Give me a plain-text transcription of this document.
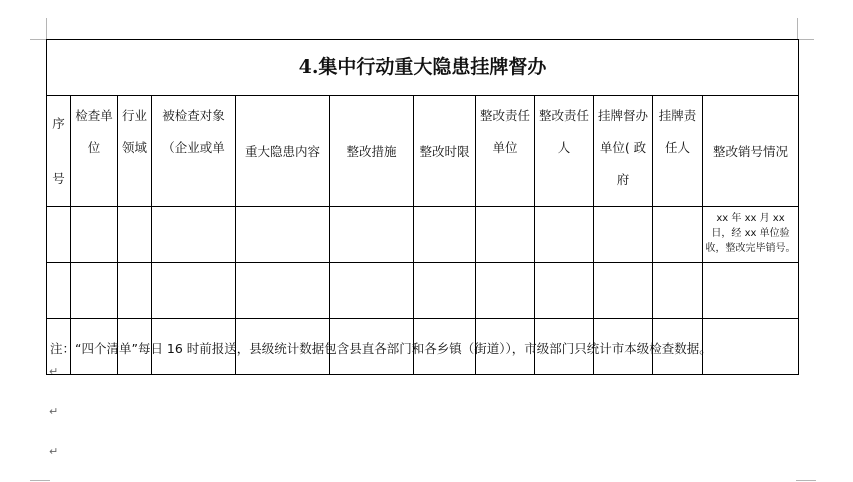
4.集中行动重大隐患挂牌督办											
序号	检查单位	行业领域	被检查对象（企业或单	重大隐患内容	整改措施	整改时限	整改责任单位	整改责任人	挂牌督办单位( 政府	挂牌责任人	整改销号情况
											xx 年 xx 月 xx 日，经 xx 单位验收，整改完毕销号。

注：“四个清单”每日 16 时前报送，县级统计数据包含县直各部门和各乡镇（街道）），市级部门只统计市本级检查数据。
↵
↵
↵
